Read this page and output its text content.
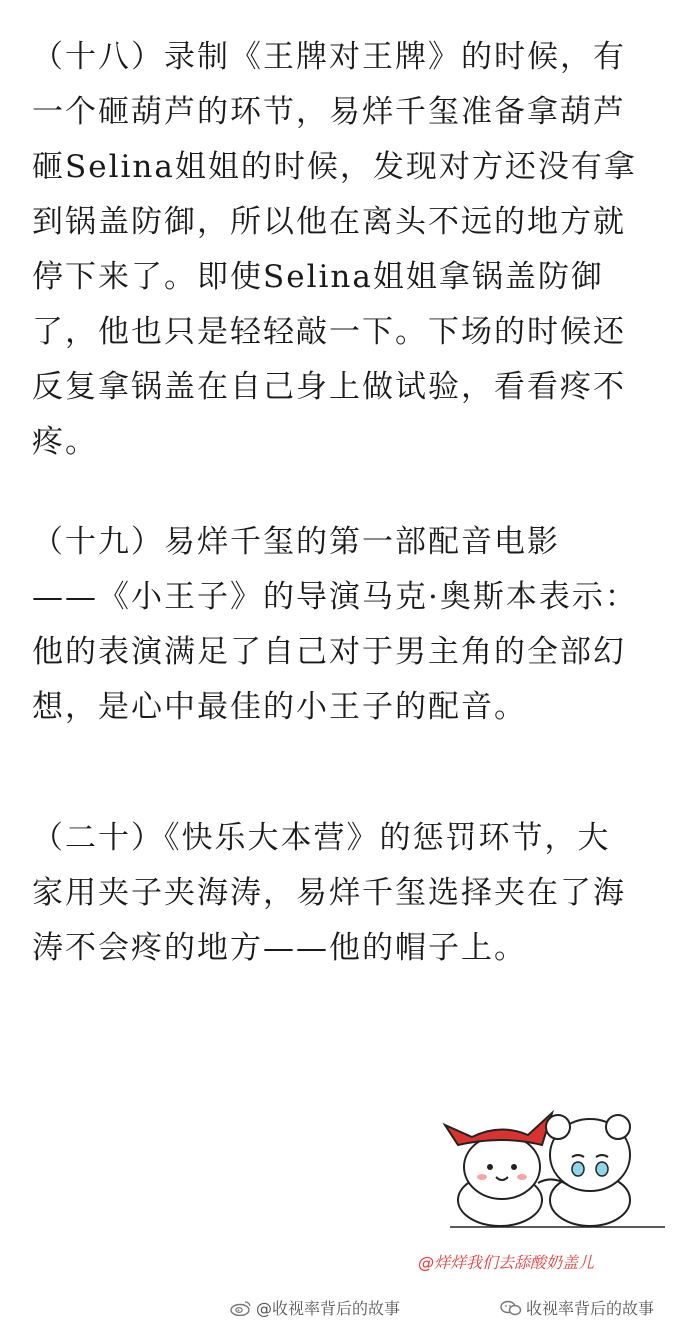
（十八）录制《王牌对王牌》的时候，有
一个砸葫芦的环节，易烊千玺准备拿葫芦
砸Selina姐姐的时候，发现对方还没有拿
到锅盖防御，所以他在离头不远的地方就
停下来了。即使Selina姐姐拿锅盖防御
了，他也只是轻轻敲一下。下场的时候还
反复拿锅盖在自己身上做试验，看看疼不
疼。
（十九）易烊千玺的第一部配音电影
——《小王子》的导演马克·奥斯本表示：
他的表演满足了自己对于男主角的全部幻
想，是心中最佳的小王子的配音。
（二十）《快乐大本营》的惩罚环节，大
家用夹子夹海涛，易烊千玺选择夹在了海
涛不会疼的地方——他的帽子上。
@烊烊我们去舔酸奶盖儿
@收视率背后的故事	收视率背后的故事
